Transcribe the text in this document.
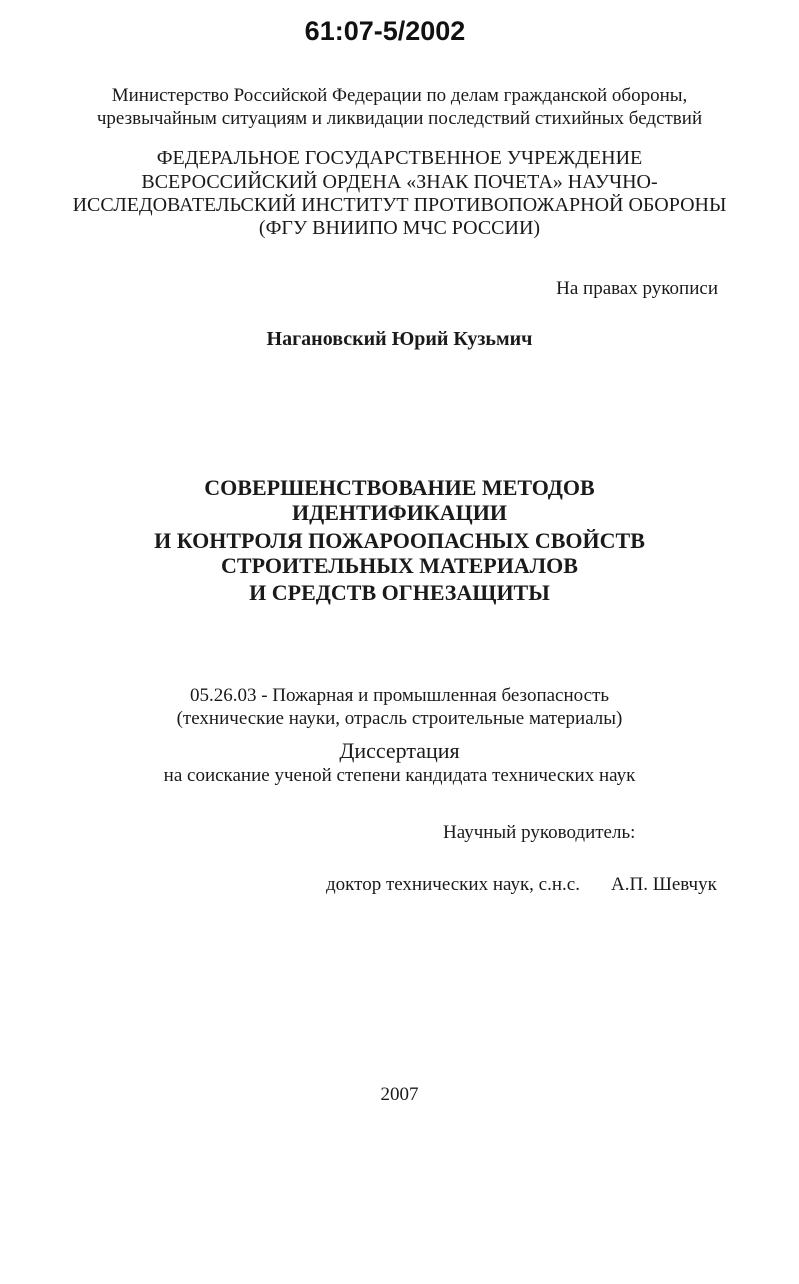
61:07-5/2002
Министерство Российской Федерации по делам гражданской обороны,
чрезвычайным ситуациям и ликвидации последствий стихийных бедствий
ФЕДЕРАЛЬНОЕ ГОСУДАРСТВЕННОЕ УЧРЕЖДЕНИЕ
ВСЕРОССИЙСКИЙ ОРДЕНА «ЗНАК ПОЧЕТА» НАУЧНО-
ИССЛЕДОВАТЕЛЬСКИЙ ИНСТИТУТ ПРОТИВОПОЖАРНОЙ ОБОРОНЫ
(ФГУ ВНИИПО МЧС РОССИИ)
На правах рукописи
Нагановский Юрий Кузьмич
СОВЕРШЕНСТВОВАНИЕ МЕТОДОВ
ИДЕНТИФИКАЦИИ
И КОНТРОЛЯ ПОЖАРООПАСНЫХ СВОЙСТВ
СТРОИТЕЛЬНЫХ МАТЕРИАЛОВ
И СРЕДСТВ ОГНЕЗАЩИТЫ
05.26.03 - Пожарная и промышленная безопасность
(технические науки, отрасль строительные материалы)
Диссертация
на соискание ученой степени кандидата технических наук
Научный руководитель:
доктор технических наук, с.н.с. А.П. Шевчук
2007
